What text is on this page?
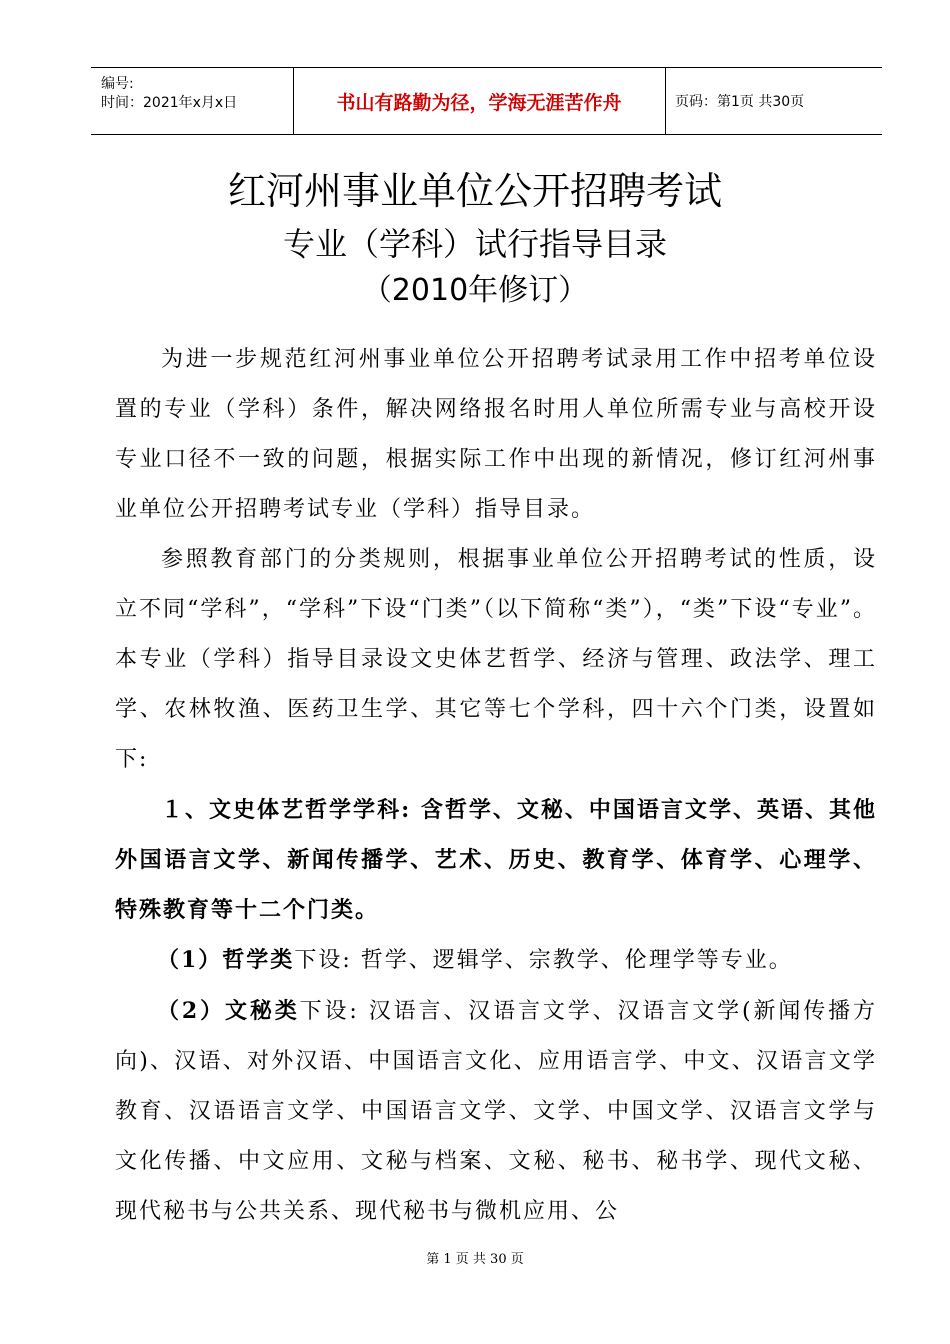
编号:
时间：2021年x月x日	书山有路勤为径，学海无涯苦作舟	页码：第1页 共30页
红河州事业单位公开招聘考试
专业（学科）试行指导目录
（2010年修订）

为进一步规范红河州事业单位公开招聘考试录用工作中招考单位设置的专业（学科）条件，解决网络报名时用人单位所需专业与高校开设专业口径不一致的问题，根据实际工作中出现的新情况，修订红河州事业单位公开招聘考试专业（学科）指导目录。

参照教育部门的分类规则，根据事业单位公开招聘考试的性质，设立不同“学科”，“学科”下设“门类”（以下简称“类”），“类”下设“专业”。本专业（学科）指导目录设文史体艺哲学、经济与管理、政法学、理工学、农林牧渔、医药卫生学、其它等七个学科，四十六个门类，设置如下:

１、文史体艺哲学学科: 含哲学、文秘、中国语言文学、英语、其他外国语言文学、新闻传播学、艺术、历史、教育学、体育学、心理学、特殊教育等十二个门类。

（1）哲学类下设: 哲学、逻辑学、宗教学、伦理学等专业。

（2）文秘类下设: 汉语言、汉语言文学、汉语言文学(新闻传播方向)、汉语、对外汉语、中国语言文化、应用语言学、中文、汉语言文学教育、汉语语言文学、中国语言文学、文学、中国文学、汉语言文学与文化传播、中文应用、文秘与档案、文秘、秘书、秘书学、现代文秘、现代秘书与公共关系、现代秘书与微机应用、公

第 1 页 共 30 页
